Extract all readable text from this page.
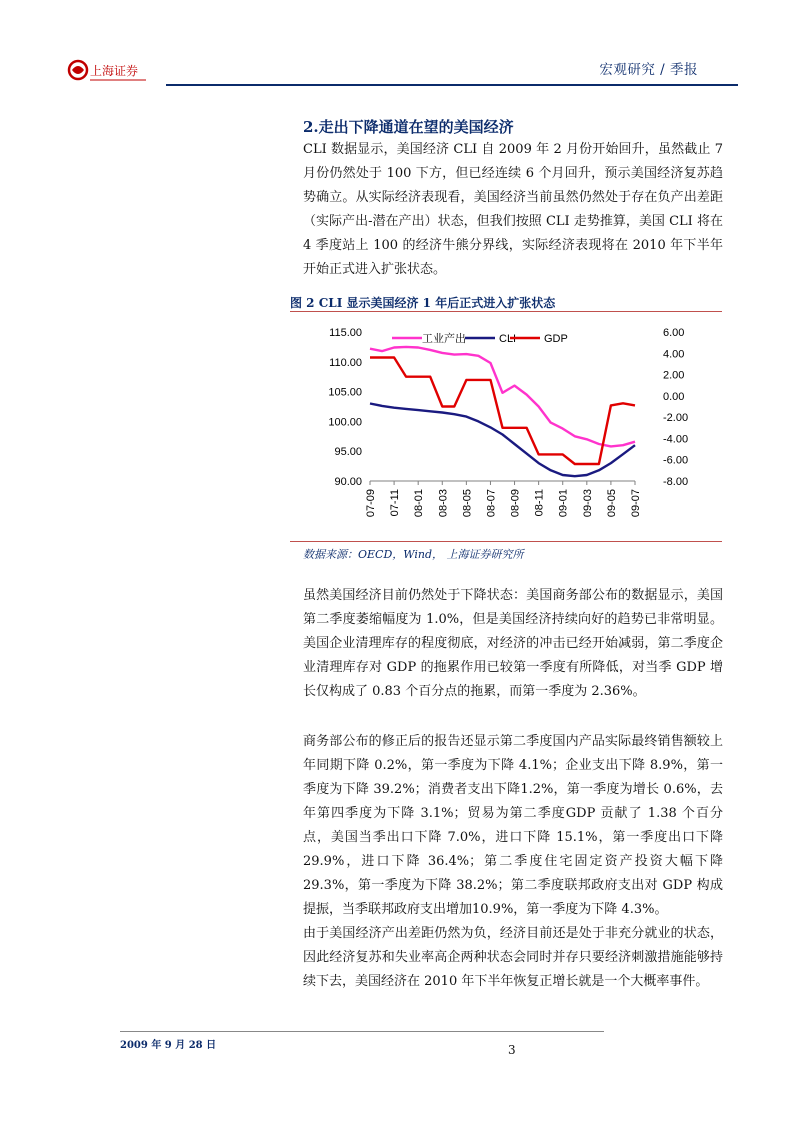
上海证券	宏观研究 / 季报
2.走出下降通道在望的美国经济
CLI 数据显示，美国经济 CLI 自 2009 年 2 月份开始回升，虽然截止 7 月份仍然处于 100 下方，但已经连续 6 个月回升，预示美国经济复苏趋势确立。从实际经济表现看，美国经济当前虽然仍然处于存在负产出差距（实际产出-潜在产出）状态，但我们按照 CLI 走势推算，美国 CLI 将在 4 季度站上 100 的经济牛熊分界线，实际经济表现将在 2010 年下半年开始正式进入扩张状态。
图 2 CLI 显示美国经济 1 年后正式进入扩张状态
115.00
110.00
105.00
100.00
95.00
90.00
6.00
4.00
2.00
0.00
-2.00
-4.00
-6.00
-8.00
07-09 07-11 08-01 08-03 08-05 08-07 08-09 08-11 09-01 09-03 09-05 09-07
工业产出	CLI	GDP
数据来源：OECD，Wind， 上海证券研究所
虽然美国经济目前仍然处于下降状态：美国商务部公布的数据显示，美国第二季度萎缩幅度为 1.0%，但是美国经济持续向好的趋势已非常明显。美国企业清理库存的程度彻底，对经济的冲击已经开始减弱，第二季度企业清理库存对 GDP 的拖累作用已较第一季度有所降低，对当季 GDP 增长仅构成了 0.83 个百分点的拖累，而第一季度为 2.36%。
商务部公布的修正后的报告还显示第二季度国内产品实际最终销售额较上年同期下降 0.2%，第一季度为下降 4.1%；企业支出下降 8.9%，第一季度为下降 39.2%；消费者支出下降1.2%，第一季度为增长 0.6%，去年第四季度为下降 3.1%；贸易为第二季度GDP 贡献了 1.38 个百分点，美国当季出口下降 7.0%，进口下降 15.1%，第一季度出口下降 29.9%，进口下降 36.4%；第二季度住宅固定资产投资大幅下降 29.3%，第一季度为下降 38.2%；第二季度联邦政府支出对 GDP 构成提振，当季联邦政府支出增加10.9%，第一季度为下降 4.3%。
由于美国经济产出差距仍然为负，经济目前还是处于非充分就业的状态，因此经济复苏和失业率高企两种状态会同时并存只要经济刺激措施能够持续下去，美国经济在 2010 年下半年恢复正增长就是一个大概率事件。
2009 年 9 月 28 日	3
